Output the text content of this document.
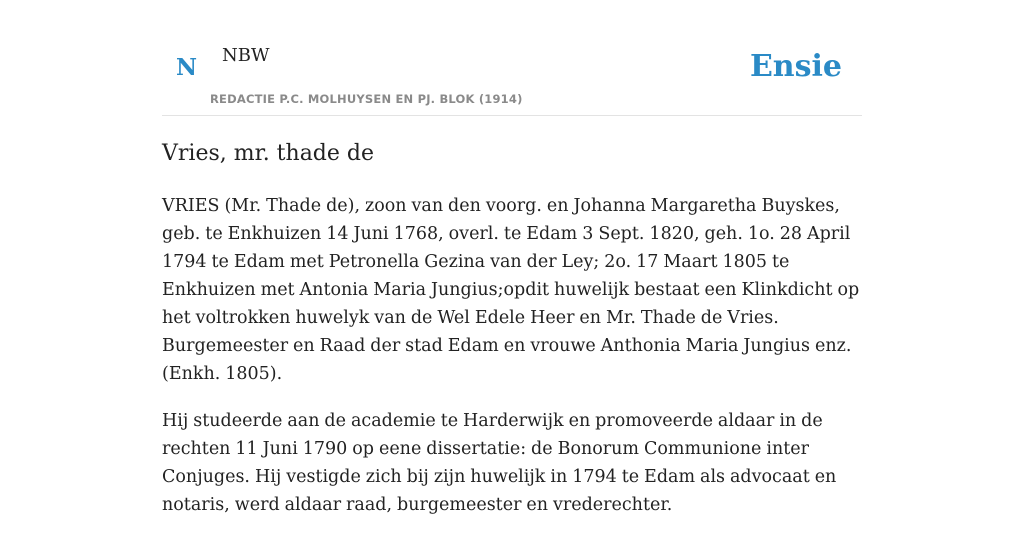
N NBW
REDACTIE P.C. MOLHUYSEN EN PJ. BLOK (1914)
Ensie
Vries, mr. thade de

VRIES (Mr. Thade de), zoon van den voorg. en Johanna Margaretha Buyskes, geb. te Enkhuizen 14 Juni 1768, overl. te Edam 3 Sept. 1820, geh. 1o. 28 April 1794 te Edam met Petronella Gezina van der Ley; 2o. 17 Maart 1805 te Enkhuizen met Antonia Maria Jungius;opdit huwelijk bestaat een Klinkdicht op het voltrokken huwelyk van de Wel Edele Heer en Mr. Thade de Vries. Burgemeester en Raad der stad Edam en vrouwe Anthonia Maria Jungius enz. (Enkh. 1805).

Hij studeerde aan de academie te Harderwijk en promoveerde aldaar in de rechten 11 Juni 1790 op eene dissertatie: de Bonorum Communione inter Conjuges. Hij vestigde zich bij zijn huwelijk in 1794 te Edam als advocaat en notaris, werd aldaar raad, burgemeester en vrederechter.
